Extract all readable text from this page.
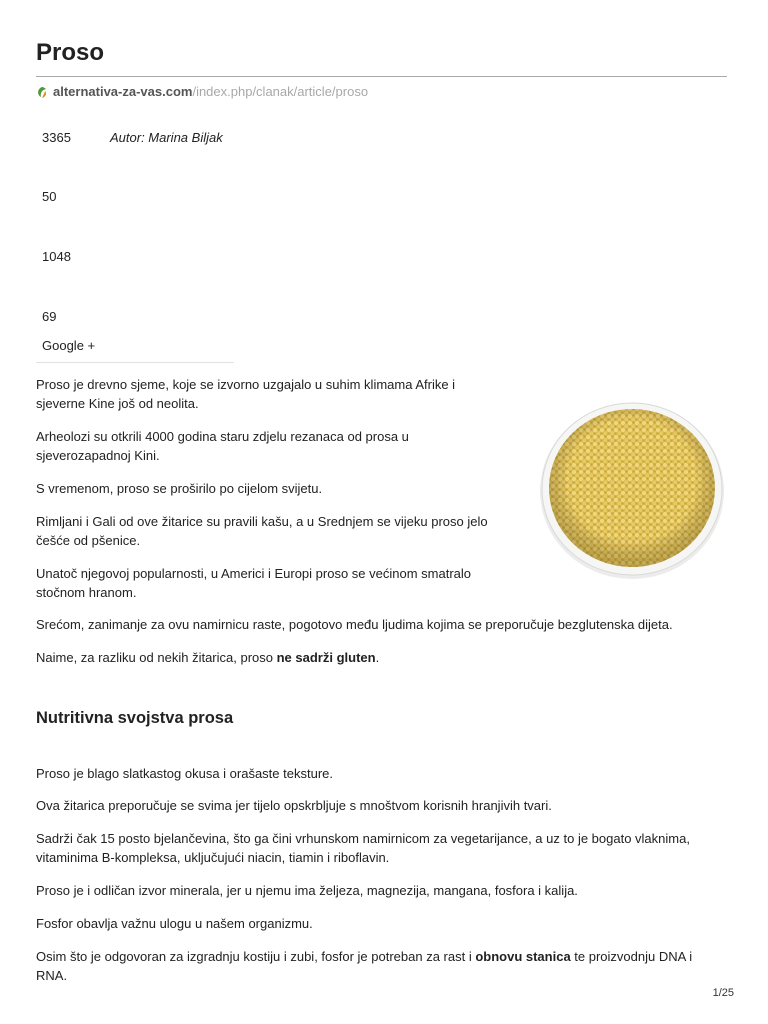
Proso
alternativa-za-vas.com /index.php/clanak/article/proso
3365	Autor: Marina Biljak
50
1048
69
Google +

Proso je drevno sjeme, koje se izvorno uzgajalo u suhim klimama Afrike i sjeverne Kine još od neolita.

Arheolozi su otkrili 4000 godina staru zdjelu rezanaca od prosa u sjeverozapadnoj Kini.

S vremenom, proso se proširilo po cijelom svijetu.

Rimljani i Gali od ove žitarice su pravili kašu, a u Srednjem se vijeku proso jelo češće od pšenice.

Unatoč njegovoj popularnosti, u Americi i Europi proso se većinom smatralo stočnom hranom.

Srećom, zanimanje za ovu namirnicu raste, pogotovo među ljudima kojima se preporučuje bezglutenska dijeta.

Naime, za razliku od nekih žitarica, proso ne sadrži gluten.

Nutritivna svojstva prosa

Proso je blago slatkastog okusa i orašaste teksture.

Ova žitarica preporučuje se svima jer tijelo opskrbljuje s mnoštvom korisnih hranjivih tvari.

Sadrži čak 15 posto bjelančevina, što ga čini vrhunskom namirnicom za vegetarijance, a uz to je bogato vlaknima, vitaminima B-kompleksa, uključujući niacin, tiamin i riboflavin.

Proso je i odličan izvor minerala, jer u njemu ima željeza, magnezija, mangana, fosfora i kalija.

Fosfor obavlja važnu ulogu u našem organizmu.

Osim što je odgovoran za izgradnju kostiju i zubi, fosfor je potreban za rast i obnovu stanica te proizvodnju DNA i RNA.

1/25
